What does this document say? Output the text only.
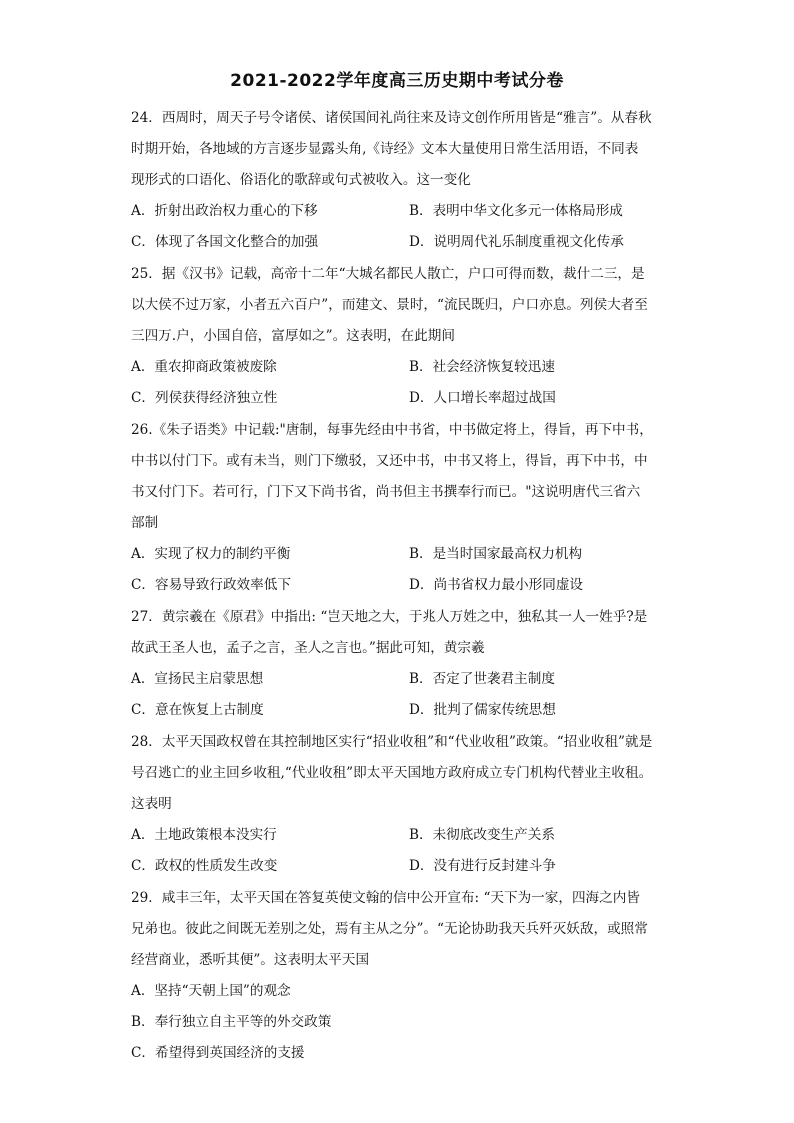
2021-2022学年度高三历史期中考试分卷
24．西周时，周天子号令诸侯、诸侯国间礼尚往来及诗文创作所用皆是“雅言”。从春秋
时期开始，各地域的方言逐步显露头角,《诗经》文本大量使用日常生活用语，不同表
现形式的口语化、俗语化的歌辞或句式被收入。这一变化
A．折射出政治权力重心的下移	B．表明中华文化多元一体格局形成
C．体现了各国文化整合的加强	D．说明周代礼乐制度重视文化传承
25．据《汉书》记载，高帝十二年“大城名都民人散亡，户口可得而数，裁什二三，是
以大侯不过万家，小者五六百户”，而建文、景时，“流民既归，户口亦息。列侯大者至
三四万.户，小国自倍，富厚如之”。这表明，在此期间
A．重农抑商政策被废除	B．社会经济恢复较迅速
C．列侯获得经济独立性	D．人口增长率超过战国
26.《朱子语类》中记载:"唐制，每事先经由中书省，中书做定将上，得旨，再下中书，
中书以付门下。或有未当，则门下缴驳，又还中书，中书又将上，得旨，再下中书，中
书又付门下。若可行，门下又下尚书省，尚书但主书撰奉行而已。"这说明唐代三省六
部制
A．实现了权力的制约平衡	B．是当时国家最高权力机构
C．容易导致行政效率低下	D．尚书省权力最小形同虚设
27．黄宗羲在《原君》中指出: “岂天地之大，于兆人万姓之中，独私其一人一姓乎?是
故武王圣人也，孟子之言，圣人之言也。”据此可知，黄宗羲
A．宣扬民主启蒙思想	B．否定了世袭君主制度
C．意在恢复上古制度	D．批判了儒家传统思想
28．太平天国政权曾在其控制地区实行“招业收租”和“代业收租”政策。“招业收租”就是
号召逃亡的业主回乡收租,“代业收租”即太平天国地方政府成立专门机构代替业主收租。
这表明
A．土地政策根本没实行	B．未彻底改变生产关系
C．政权的性质发生改变	D．没有进行反封建斗争
29．咸丰三年，太平天国在答复英使文翰的信中公开宣布: “天下为一家，四海之内皆
兄弟也。彼此之间既无差别之处，焉有主从之分”。“无论协助我天兵歼灭妖敌，或照常
经营商业，悉听其便”。这表明太平天国
A．坚持“天朝上国”的观念
B．奉行独立自主平等的外交政策
C．希望得到英国经济的支援
